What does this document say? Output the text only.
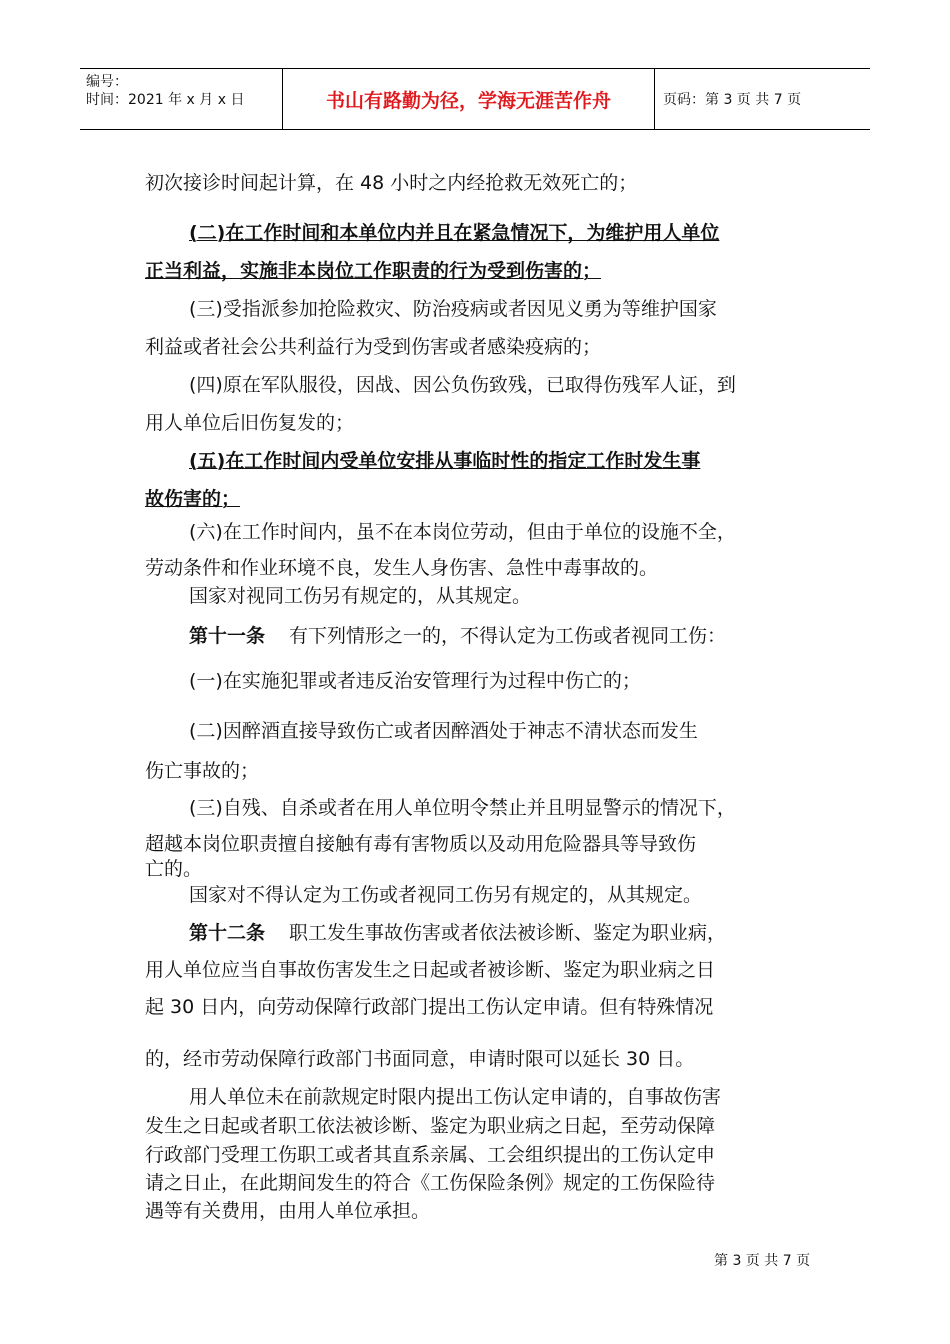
编号：
时间：2021 年 x 月 x 日	书山有路勤为径，学海无涯苦作舟	页码：第 3 页 共 7 页
初次接诊时间起计算，在 48 小时之内经抢救无效死亡的；
(二)在工作时间和本单位内并且在紧急情况下，为维护用人单位
正当利益，实施非本岗位工作职责的行为受到伤害的；
(三)受指派参加抢险救灾、防治疫病或者因见义勇为等维护国家
利益或者社会公共利益行为受到伤害或者感染疫病的；
(四)原在军队服役，因战、因公负伤致残，已取得伤残军人证，到
用人单位后旧伤复发的；
(五)在工作时间内受单位安排从事临时性的指定工作时发生事
故伤害的；
(六)在工作时间内，虽不在本岗位劳动，但由于单位的设施不全，
劳动条件和作业环境不良，发生人身伤害、急性中毒事故的。
国家对视同工伤另有规定的，从其规定。
第十一条 有下列情形之一的，不得认定为工伤或者视同工伤：
(一)在实施犯罪或者违反治安管理行为过程中伤亡的；
(二)因醉酒直接导致伤亡或者因醉酒处于神志不清状态而发生
伤亡事故的；
(三)自残、自杀或者在用人单位明令禁止并且明显警示的情况下，
超越本岗位职责擅自接触有毒有害物质以及动用危险器具等导致伤
亡的。
国家对不得认定为工伤或者视同工伤另有规定的，从其规定。
第十二条 职工发生事故伤害或者依法被诊断、鉴定为职业病，
用人单位应当自事故伤害发生之日起或者被诊断、鉴定为职业病之日
起 30 日内，向劳动保障行政部门提出工伤认定申请。但有特殊情况
的，经市劳动保障行政部门书面同意，申请时限可以延长 30 日。
用人单位未在前款规定时限内提出工伤认定申请的，自事故伤害
发生之日起或者职工依法被诊断、鉴定为职业病之日起，至劳动保障
行政部门受理工伤职工或者其直系亲属、工会组织提出的工伤认定申
请之日止，在此期间发生的符合《工伤保险条例》规定的工伤保险待
遇等有关费用，由用人单位承担。
第 3 页 共 7 页
